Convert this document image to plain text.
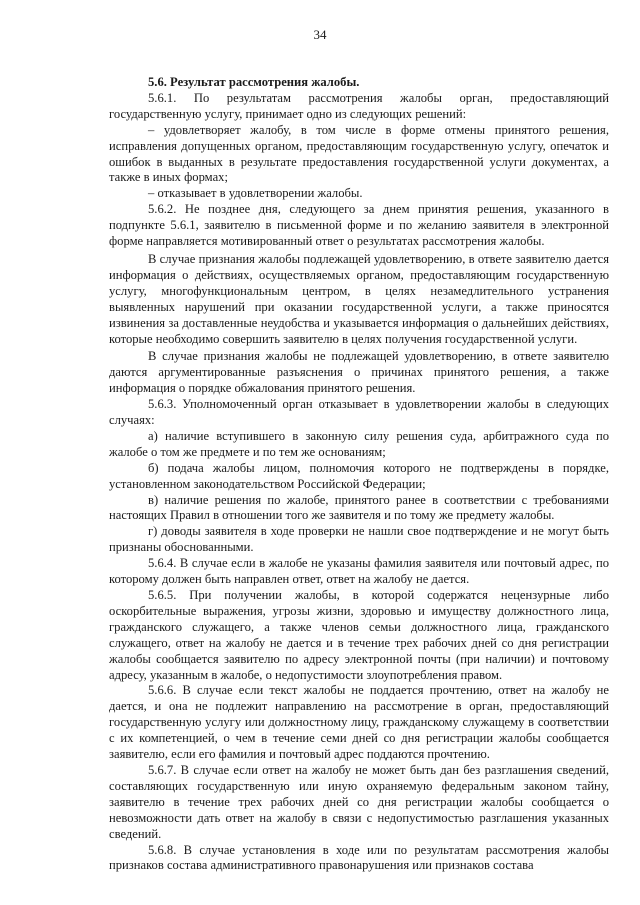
34

5.6. Результат рассмотрения жалобы.

5.6.1. По результатам рассмотрения жалобы орган, предоставляющий государственную услугу, принимает одно из следующих решений:

– удовлетворяет жалобу, в том числе в форме отмены принятого решения, исправления допущенных органом, предоставляющим государственную услугу, опечаток и ошибок в выданных в результате предоставления государственной услуги документах, а также в иных формах;

– отказывает в удовлетворении жалобы.

5.6.2. Не позднее дня, следующего за днем принятия решения, указанного в подпункте 5.6.1, заявителю в письменной форме и по желанию заявителя в электронной форме направляется мотивированный ответ о результатах рассмотрения жалобы.

В случае признания жалобы подлежащей удовлетворению, в ответе заявителю дается информация о действиях, осуществляемых органом, предоставляющим государственную услугу, многофункциональным центром, в целях незамедлительного устранения выявленных нарушений при оказании государственной услуги, а также приносятся извинения за доставленные неудобства и указывается информация о дальнейших действиях, которые необходимо совершить заявителю в целях получения государственной услуги.

В случае признания жалобы не подлежащей удовлетворению, в ответе заявителю даются аргументированные разъяснения о причинах принятого решения, а также информация о порядке обжалования принятого решения.

5.6.3. Уполномоченный орган отказывает в удовлетворении жалобы в следующих случаях:

а) наличие вступившего в законную силу решения суда, арбитражного суда по жалобе о том же предмете и по тем же основаниям;

б) подача жалобы лицом, полномочия которого не подтверждены в порядке, установленном законодательством Российской Федерации;

в) наличие решения по жалобе, принятого ранее в соответствии с требованиями настоящих Правил в отношении того же заявителя и по тому же предмету жалобы.

г) доводы заявителя в ходе проверки не нашли свое подтверждение и не могут быть признаны обоснованными.

5.6.4. В случае если в жалобе не указаны фамилия заявителя или почтовый адрес, по которому должен быть направлен ответ, ответ на жалобу не дается.

5.6.5. При получении жалобы, в которой содержатся нецензурные либо оскорбительные выражения, угрозы жизни, здоровью и имуществу должностного лица, гражданского служащего, а также членов семьи должностного лица, гражданского служащего, ответ на жалобу не дается и в течение трех рабочих дней со дня регистрации жалобы сообщается заявителю по адресу электронной почты (при наличии) и почтовому адресу, указанным в жалобе, о недопустимости злоупотребления правом.

5.6.6. В случае если текст жалобы не поддается прочтению, ответ на жалобу не дается, и она не подлежит направлению на рассмотрение в орган, предоставляющий государственную услугу или должностному лицу, гражданскому служащему в соответствии с их компетенцией, о чем в течение семи дней со дня регистрации жалобы сообщается заявителю, если его фамилия и почтовый адрес поддаются прочтению.

5.6.7. В случае если ответ на жалобу не может быть дан без разглашения сведений, составляющих государственную или иную охраняемую федеральным законом тайну, заявителю в течение трех рабочих дней со дня регистрации жалобы сообщается о невозможности дать ответ на жалобу в связи с недопустимостью разглашения указанных сведений.

5.6.8. В случае установления в ходе или по результатам рассмотрения жалобы признаков состава административного правонарушения или признаков состава
